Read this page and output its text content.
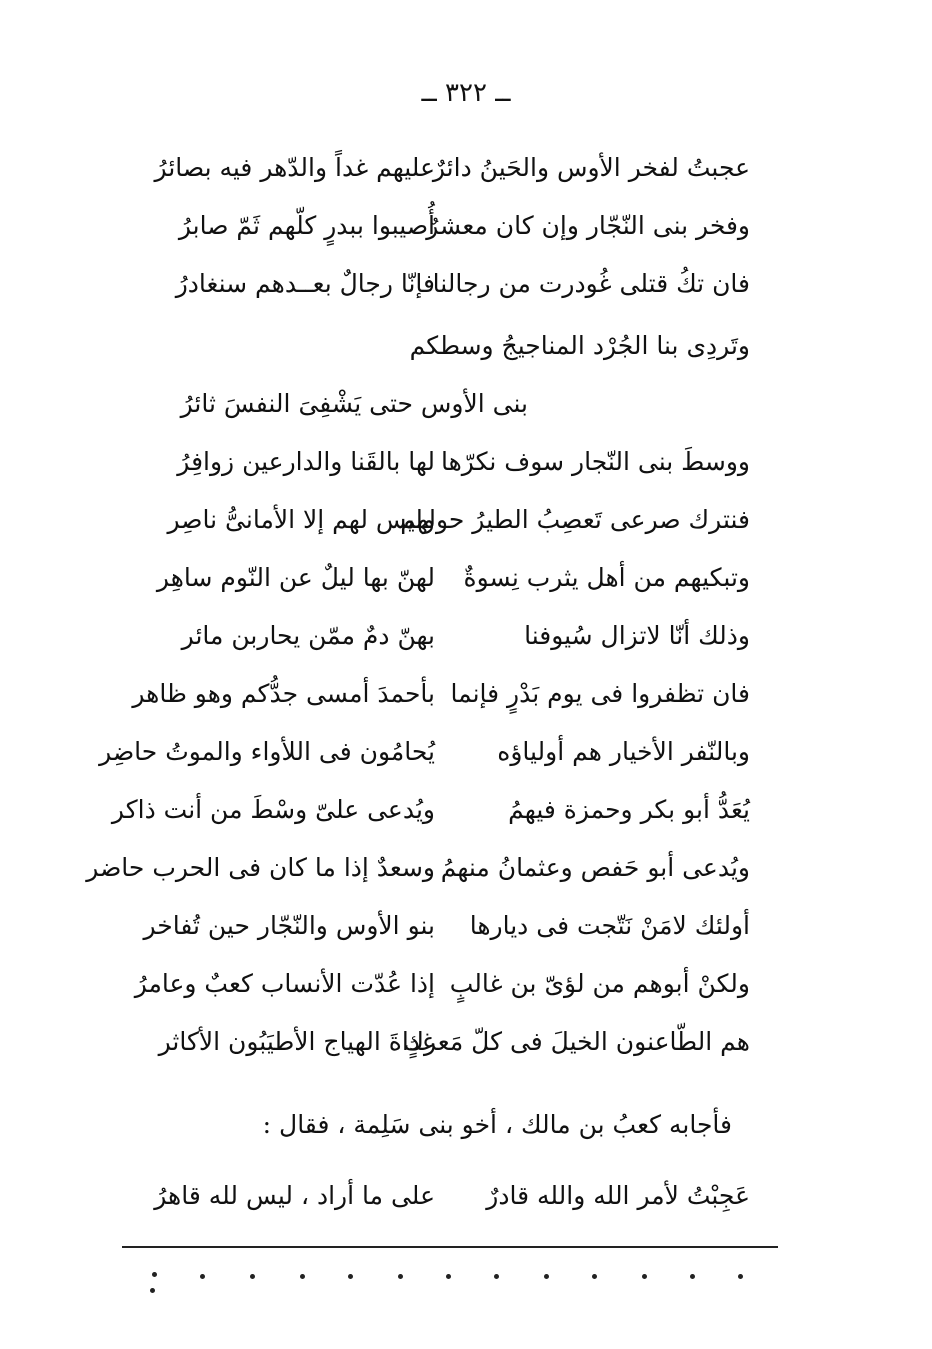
ــ ٣٢٢ ــ
عجبتُ لفخر الأوس والحَينُ دائرٌ
عليهم غداً والدّهر فيه بصائرُ
وفخر بنى النّجّار وإن كان معشرٌ
أُصيبوا ببدرٍ كلّهم ثَمّ صابرُ
فان تكُ قتلى غُودرت من رجالنا
فإنّا رجالٌ بعــدهم سنغادرُ
وتَردِى بنا الجُرْد المناجيجُ وسطكم
بنى الأوس حتى يَشْفِىَ النفسَ ثائرُ
ووسطَ بنى النّجار سوف نكرّها
لها بالقَنا والدارعين زوافِرُ
فنترك صرعى تَعصِبُ الطيرُ حولهم
وليس لهم إلا الأمانىُّ ناصِر
وتبكيهم من أهل يثرب نِسوةٌ
لهنّ بها ليلٌ عن النّوم ساهِر
وذلك أنّا لاتزال سُيوفنا
بهنّ دمٌ ممّن يحاربن مائر
فان تظفروا فى يوم بَدْرٍ فإنما
بأحمدَ أمسى جدُّكم وهو ظاهر
وبالنّفر الأخيار هم أولياؤه
يُحامُون فى اللأواء والموتُ حاضِر
يُعَدُّ أبو بكر وحمزة فيهمُ
ويُدعى علىّ وسْطَ من أنت ذاكر
ويُدعى أبو حَفص وعثمانُ منهمُ
وسعدٌ إذا ما كان فى الحرب حاضر
أولئك لامَنْ نَتّجت فى ديارها
بنو الأوس والنّجّار حين تُفاخر
ولكنْ أبوهم من لؤىّ بن غالبٍ
إذا عُدّت الأنساب كعبٌ وعامرُ
هم الطّاعنون الخيلَ فى كلّ مَعركٍ
غداةَ الهياج الأطيَبُون الأكاثر
عَجِبْتُ لأمر الله والله قادرٌ
على ما أراد ، ليس لله قاهرُ
فأجابه كعبُ بن مالك ، أخو بنى سَلِمة ، فقال :
